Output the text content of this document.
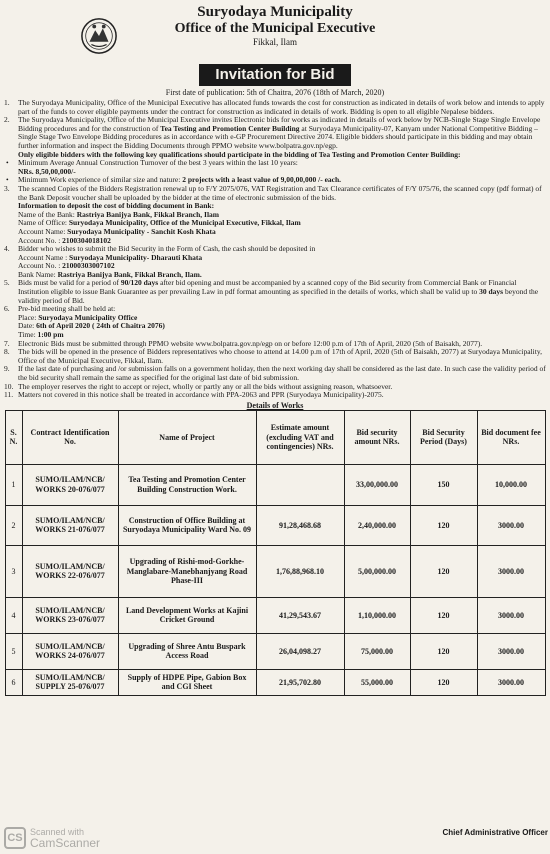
Suryodaya Municipality
Office of the Municipal Executive
Fikkal, Ilam
Invitation for Bid
First date of publication: 5th of Chaitra, 2076 (18th of March, 2020)
1.	The Suryodaya Municipality, Office of the Municipal Executive has allocated funds towards the cost for construction as indicated in details of work below and intends to apply part of the funds to cover eligible payments under the contract for construction as indicated in details of work. Bidding is open to all eligible Nepalese bidders.
2.	The Suryodaya Municipality, Office of the Municipal Executive invites Electronic bids for works as indicated in details of work below by NCB-Single Stage Single Envelope Bidding procedures and for the construction of Tea Testing and Promotion Center Building at Suryodaya Municipality-07, Kanyam under National Competitive Bidding – Single Stage Two Envelope Bidding procedures as in accordance with e-GP Procurement Directive 2074. Eligible bidders should participate in this bidding and may obtain further information and inspect the Bidding Documents through PPMO website www.bolpatra.gov.np/egp.
Only eligible bidders with the following key qualifications should participate in the bidding of Tea Testing and Promotion Center Building:
•	Minimum Average Annual Construction Turnover of the best 3 years within the last 10 years:
NRs. 8,50,00,000/-
•	Minimum Work experience of similar size and nature: 2 projects with a least value of 9,00,00,000 /- each.
3.	The scanned Copies of the Bidders Registration renewal up to F/Y 2075/076, VAT Registration and Tax Clearance certificates of F/Y 075/76, the scanned copy (pdf format) of the Bank Deposit voucher shall be uploaded by the bidder at the time of electronic submission of the bids.
Information to deposit the cost of bidding document in Bank:
Name of the Bank: Rastriya Banijya Bank, Fikkal Branch, Ilam
Name of Office: Suryodaya Municipality, Office of the Municipal Executive, Fikkal, Ilam
Account Name: Suryodaya Municipality - Sanchit Kosh Khata
Account No. : 2100304018102
4.	Bidder who wishes to submit the Bid Security in the Form of Cash, the cash should be deposited in
Account Name : Suryodaya Municipality- Dharauti Khata
Account No. : 21000303007102
Bank Name: Rastriya Banijya Bank, Fikkal Branch, Ilam.
5.	Bids must be valid for a period of 90/120 days after bid opening and must be accompanied by a scanned copy of the Bid security from Commercial Bank or Financial Institution eligible to issue Bank Guarantee as per prevailing Law in pdf format amounting as specified in the details of works, which shall be valid up to 30 days beyond the validity period of Bid.
6.	Pre-bid meeting shall be held at:
Place: Suryodaya Municipality Office
Date: 6th of April 2020 ( 24th of Chaitra 2076)
Time: 1:00 pm
7.	Electronic Bids must be submitted through PPMO website www.bolpatra.gov.np/egp on or before 12:00 p.m of 17th of April, 2020 (5th of Baisakh, 2077).
8.	The bids will be opened in the presence of Bidders representatives who choose to attend at 14.00 p.m of 17th of April, 2020 (5th of Baisakh, 2077) at Suryodaya Municipality, Office of the Municipal Executive, Fikkal, Ilam.
9.	If the last date of purchasing and /or submission falls on a government holiday, then the next working day shall be considered as the last date. In such case the validity period of the bid security shall remain the same as specified for the original last date of bid submission.
10. The employer reserves the right to accept or reject, wholly or partly any or all the bids without assigning reason, whatsoever.
11. Matters not covered in this notice shall be treated in accordance with PPA-2063 and PPR (Suryodaya Municipality)-2075.
Details of Works
S. N.	Contract Identification No.	Name of Project	Estimate amount (excluding VAT and contingencies) NRs.	Bid security amount NRs.	Bid Security Period (Days)	Bid document fee NRs.
1	SUMO/ILAM/NCB/ WORKS 20-076/077	Tea Testing and Promotion Center Building Construction Work.		33,00,000.00	150	10,000.00
2	SUMO/ILAM/NCB/ WORKS 21-076/077	Construction of Office Building at Suryodaya Municipality Ward No. 09	91,28,468.68	2,40,000.00	120	3000.00
3	SUMO/ILAM/NCB/ WORKS 22-076/077	Upgrading of Rishi-mod-Gorkhe-Manglabare-Manebhanjyang Road Phase-III	1,76,88,968.10	5,00,000.00	120	3000.00
4	SUMO/ILAM/NCB/ WORKS 23-076/077	Land Development Works at Kajini Cricket Ground	41,29,543.67	1,10,000.00	120	3000.00
5	SUMO/ILAM/NCB/ WORKS 24-076/077	Upgrading of Shree Antu Buspark Access Road	26,04,098.27	75,000.00	120	3000.00
6	SUMO/ILAM/NCB/ SUPPLY 25-076/077	Supply of HDPE Pipe, Gabion Box and CGI Sheet	21,95,702.80	55,000.00	120	3000.00
CS Scanned with
CamScanner
Chief Administrative Officer
